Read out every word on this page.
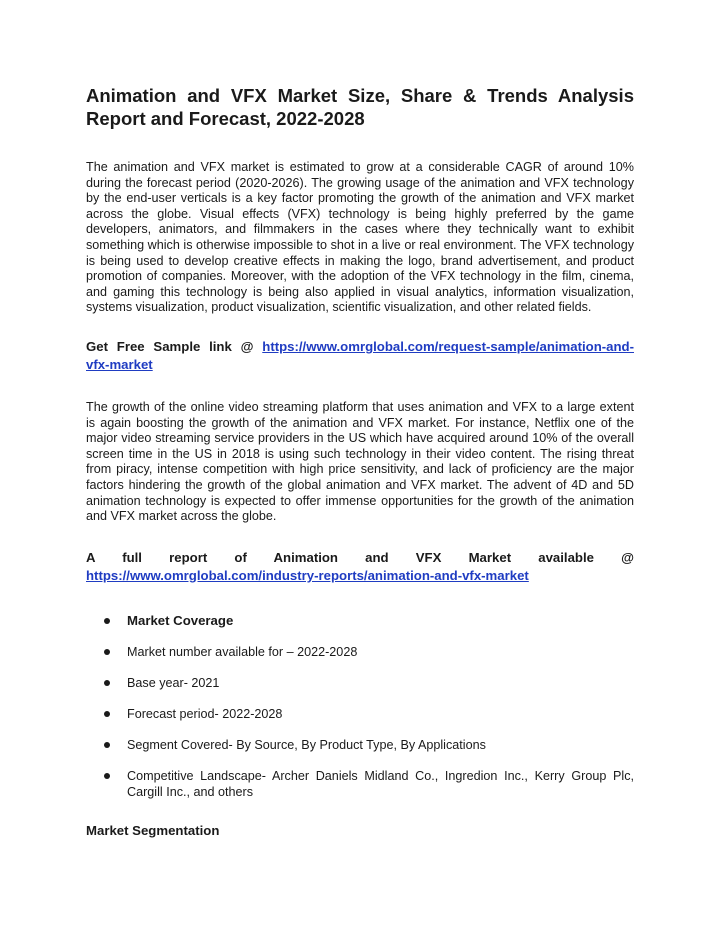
Animation and VFX Market Size, Share & Trends Analysis Report and Forecast, 2022-2028

The animation and VFX market is estimated to grow at a considerable CAGR of around 10% during the forecast period (2020-2026). The growing usage of the animation and VFX technology by the end-user verticals is a key factor promoting the growth of the animation and VFX market across the globe. Visual effects (VFX) technology is being highly preferred by the game developers, animators, and filmmakers in the cases where they technically want to exhibit something which is otherwise impossible to shot in a live or real environment. The VFX technology is being used to develop creative effects in making the logo, brand advertisement, and product promotion of companies. Moreover, with the adoption of the VFX technology in the film, cinema, and gaming this technology is being also applied in visual analytics, information visualization, systems visualization, product visualization, scientific visualization, and other related fields.

Get Free Sample link @ https://www.omrglobal.com/request-sample/animation-and-vfx-market

The growth of the online video streaming platform that uses animation and VFX to a large extent is again boosting the growth of the animation and VFX market. For instance, Netflix one of the major video streaming service providers in the US which have acquired around 10% of the overall screen time in the US in 2018 is using such technology in their video content. The rising threat from piracy, intense competition with high price sensitivity, and lack of proficiency are the major factors hindering the growth of the global animation and VFX market. The advent of 4D and 5D animation technology is expected to offer immense opportunities for the growth of the animation and VFX market across the globe.

A full report of Animation and VFX Market available @
https://www.omrglobal.com/industry-reports/animation-and-vfx-market

Market Coverage
Market number available for – 2022-2028
Base year- 2021
Forecast period- 2022-2028
Segment Covered- By Source, By Product Type, By Applications
Competitive Landscape- Archer Daniels Midland Co., Ingredion Inc., Kerry Group Plc, Cargill Inc., and others
Market Segmentation
